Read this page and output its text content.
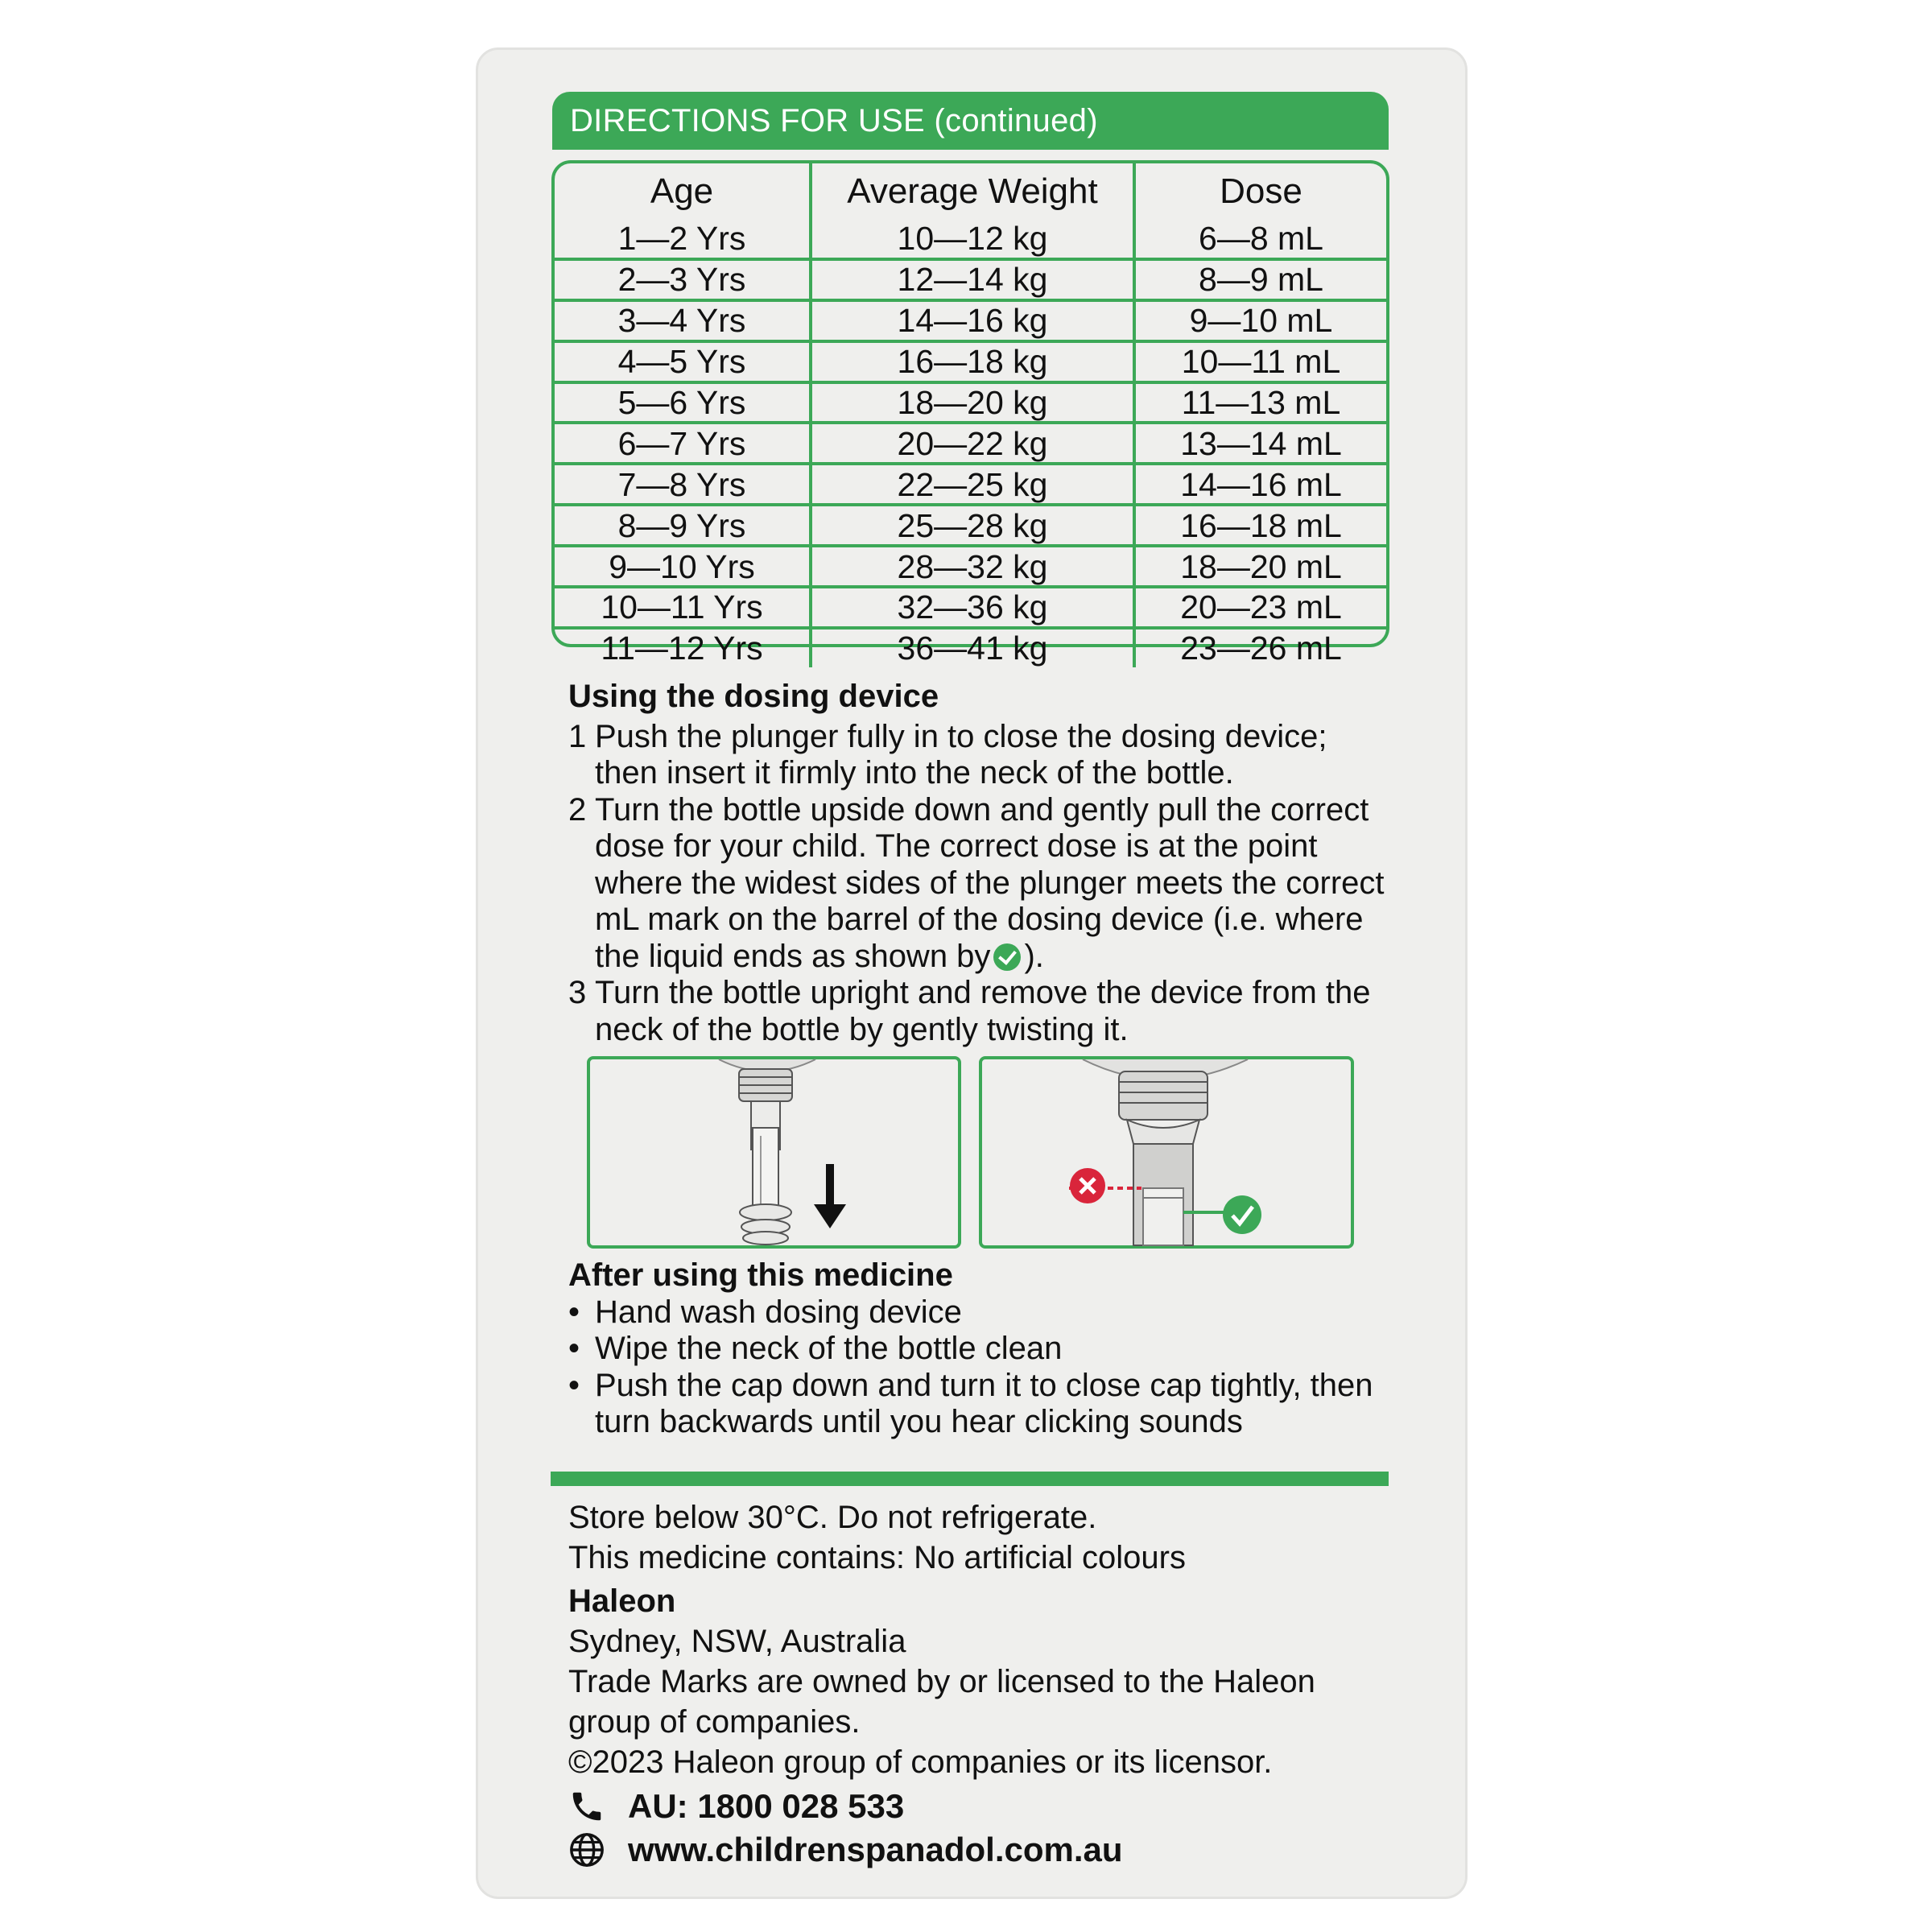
DIRECTIONS FOR USE (continued)
Age	Average Weight	Dose
1—2 Yrs	10—12 kg	6—8 mL
2—3 Yrs	12—14 kg	8—9 mL
3—4 Yrs	14—16 kg	9—10 mL
4—5 Yrs	16—18 kg	10—11 mL
5—6 Yrs	18—20 kg	11—13 mL
6—7 Yrs	20—22 kg	13—14 mL
7—8 Yrs	22—25 kg	14—16 mL
8—9 Yrs	25—28 kg	16—18 mL
9—10 Yrs	28—32 kg	18—20 mL
10—11 Yrs	32—36 kg	20—23 mL
11—12 Yrs	36—41 kg	23—26 mL
Using the dosing device
1 Push the plunger fully in to close the dosing device; then insert it firmly into the neck of the bottle.
2 Turn the bottle upside down and gently pull the correct dose for your child. The correct dose is at the point where the widest sides of the plunger meets the correct mL mark on the barrel of the dosing device (i.e. where the liquid ends as shown by ).
3 Turn the bottle upright and remove the device from the neck of the bottle by gently twisting it.
After using this medicine
• Hand wash dosing device
• Wipe the neck of the bottle clean
• Push the cap down and turn it to close cap tightly, then turn backwards until you hear clicking sounds
Store below 30°C. Do not refrigerate.
This medicine contains: No artificial colours
Haleon
Sydney, NSW, Australia
Trade Marks are owned by or licensed to the Haleon
group of companies.
©2023 Haleon group of companies or its licensor.
AU: 1800 028 533
www.childrenspanadol.com.au
